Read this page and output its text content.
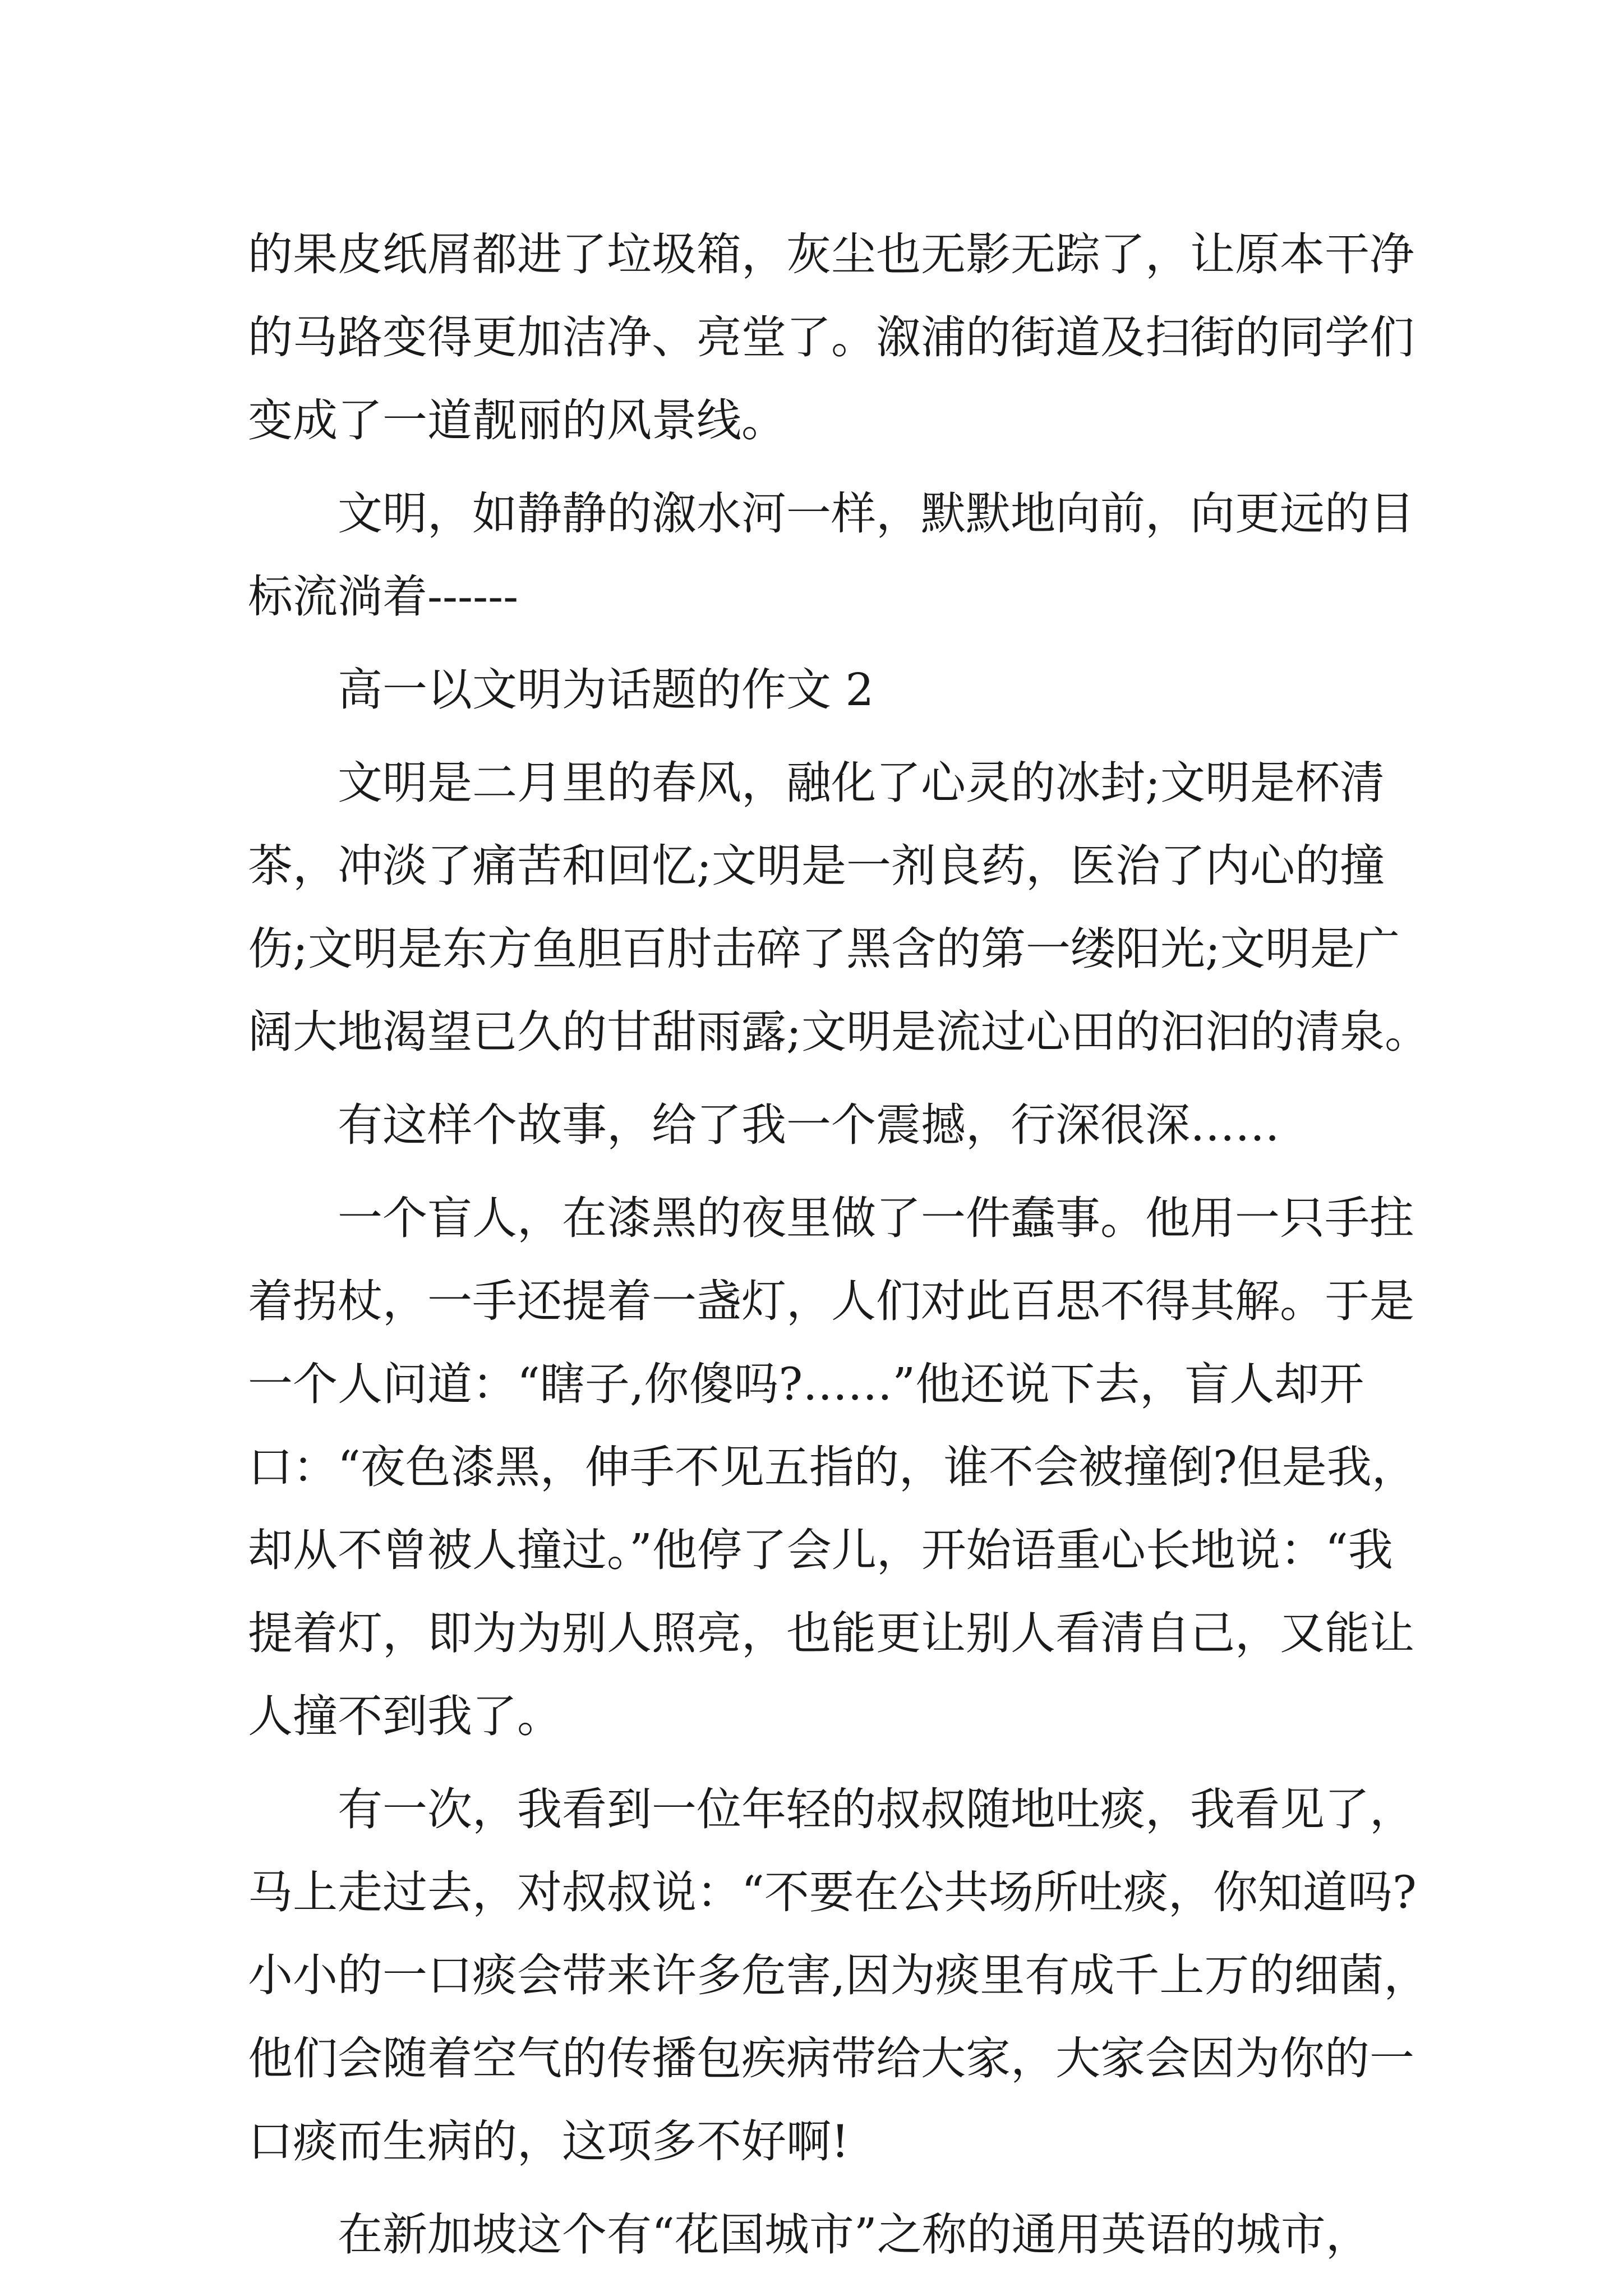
的果皮纸屑都进了垃圾箱，灰尘也无影无踪了，让原本干净
的马路变得更加洁净、亮堂了。溆浦的街道及扫街的同学们
变成了一道靓丽的风景线。
文明，如静静的溆水河一样，默默地向前，向更远的目
标流淌着------
高一以文明为话题的作文 2
文明是二月里的春风，融化了心灵的冰封;文明是杯清
茶，冲淡了痛苦和回忆;文明是一剂良药，医治了内心的撞
伤;文明是东方鱼胆百肘击碎了黑含的第一缕阳光;文明是广
阔大地渴望已久的甘甜雨露;文明是流过心田的汩汩的清泉。
有这样个故事，给了我一个震撼，行深很深……
一个盲人，在漆黑的夜里做了一件蠢事。他用一只手拄
着拐杖，一手还提着一盏灯，人们对此百思不得其解。于是
一个人问道：“瞎子,你傻吗?……”他还说下去，盲人却开
口：“夜色漆黑，伸手不见五指的，谁不会被撞倒?但是我，
却从不曾被人撞过。”他停了会儿，开始语重心长地说：“我
提着灯，即为为别人照亮，也能更让别人看清自己，又能让
人撞不到我了。
有一次，我看到一位年轻的叔叔随地吐痰，我看见了，
马上走过去，对叔叔说：“不要在公共场所吐痰，你知道吗?
小小的一口痰会带来许多危害,因为痰里有成千上万的细菌，
他们会随着空气的传播包疾病带给大家，大家会因为你的一
口痰而生病的，这项多不好啊!
在新加坡这个有“花国城市”之称的通用英语的城市，
